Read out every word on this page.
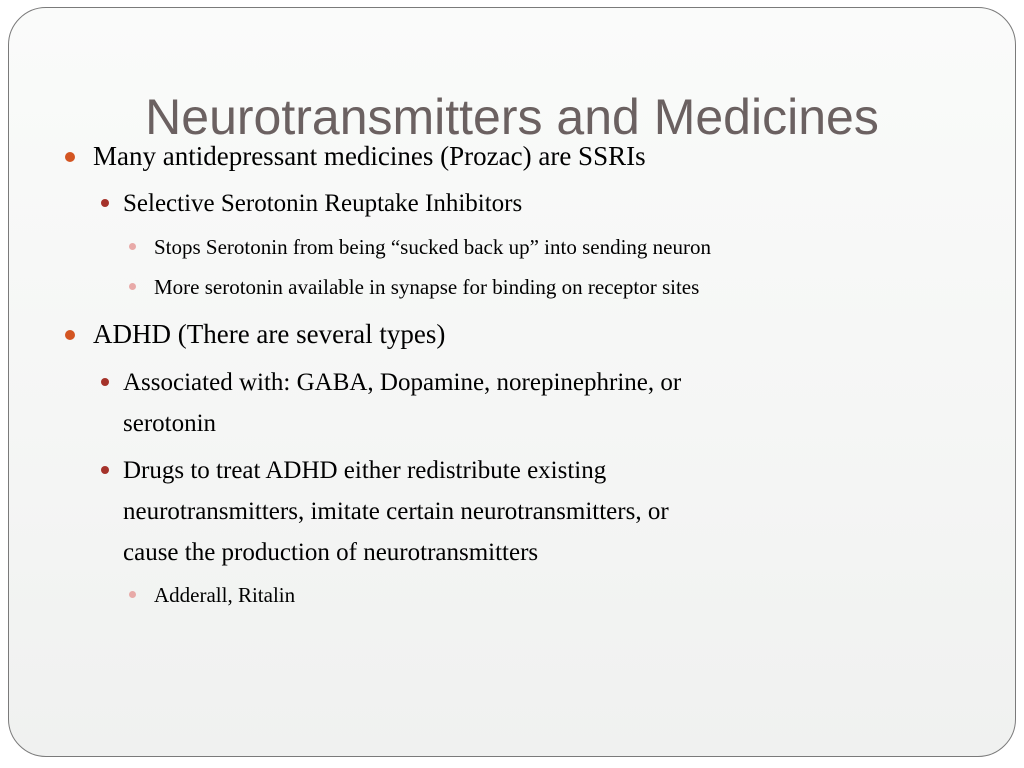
Neurotransmitters and Medicines
Many antidepressant medicines (Prozac) are SSRIs
Selective Serotonin Reuptake Inhibitors
Stops Serotonin from being “sucked back up” into sending neuron
More serotonin available in synapse for binding on receptor sites
ADHD (There are several types)
Associated with: GABA, Dopamine, norepinephrine, or
serotonin
Drugs to treat ADHD either redistribute existing
neurotransmitters, imitate certain neurotransmitters, or
cause the production of neurotransmitters
Adderall, Ritalin
